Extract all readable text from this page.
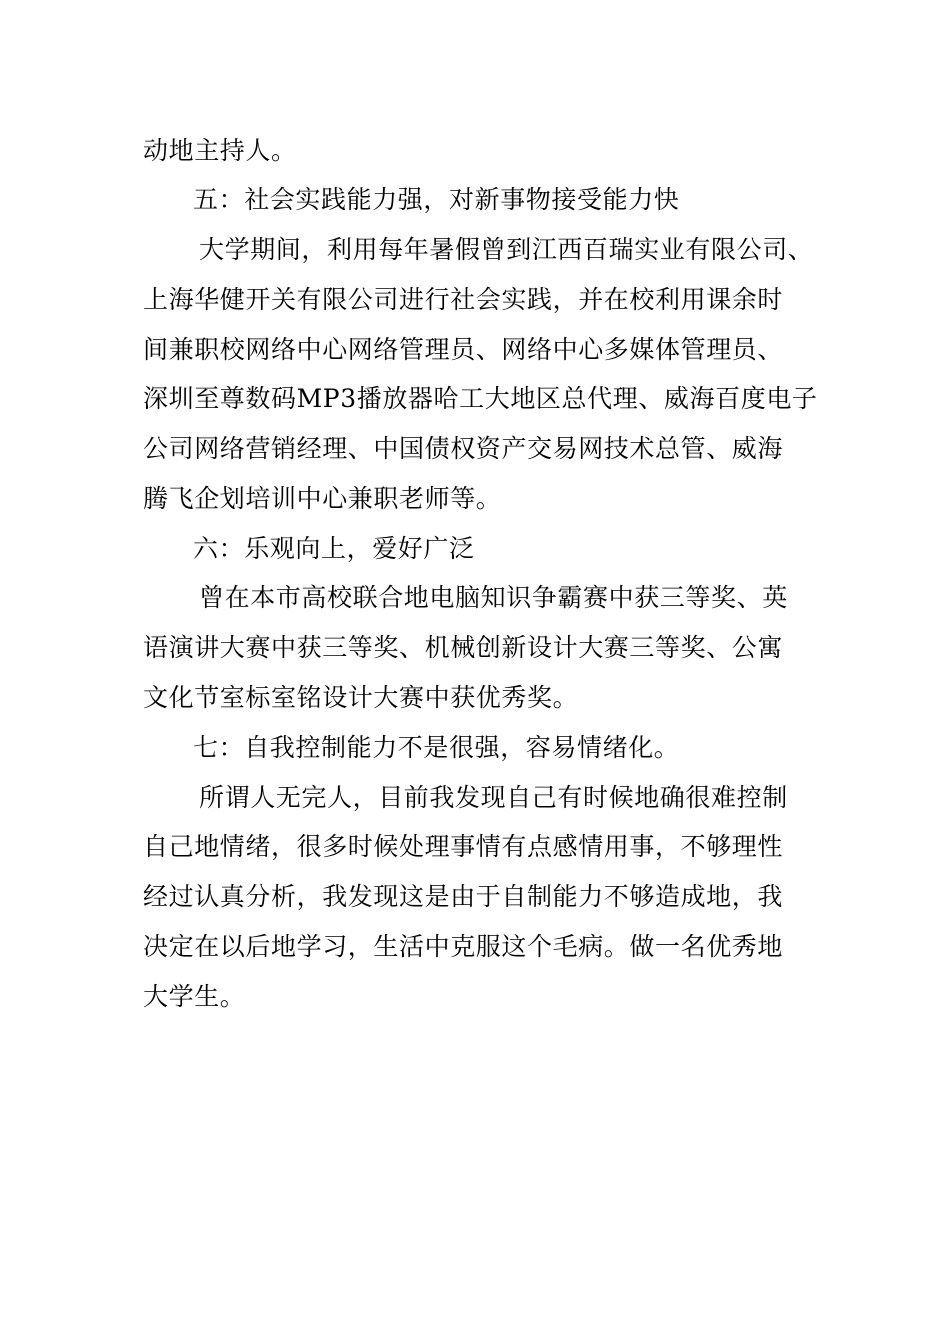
动地主持人。
五：社会实践能力强，对新事物接受能力快
大学期间，利用每年暑假曾到江西百瑞实业有限公司、
上海华健开关有限公司进行社会实践，并在校利用课余时
间兼职校网络中心网络管理员、网络中心多媒体管理员、
深圳至尊数码MP3播放器哈工大地区总代理、威海百度电子
公司网络营销经理、中国债权资产交易网技术总管、威海
腾飞企划培训中心兼职老师等。
六：乐观向上，爱好广泛
曾在本市高校联合地电脑知识争霸赛中获三等奖、英
语演讲大赛中获三等奖、机械创新设计大赛三等奖、公寓
文化节室标室铭设计大赛中获优秀奖。
七：自我控制能力不是很强，容易情绪化。
所谓人无完人，目前我发现自己有时候地确很难控制
自己地情绪，很多时候处理事情有点感情用事，不够理性
经过认真分析，我发现这是由于自制能力不够造成地，我
决定在以后地学习，生活中克服这个毛病。做一名优秀地
大学生。
